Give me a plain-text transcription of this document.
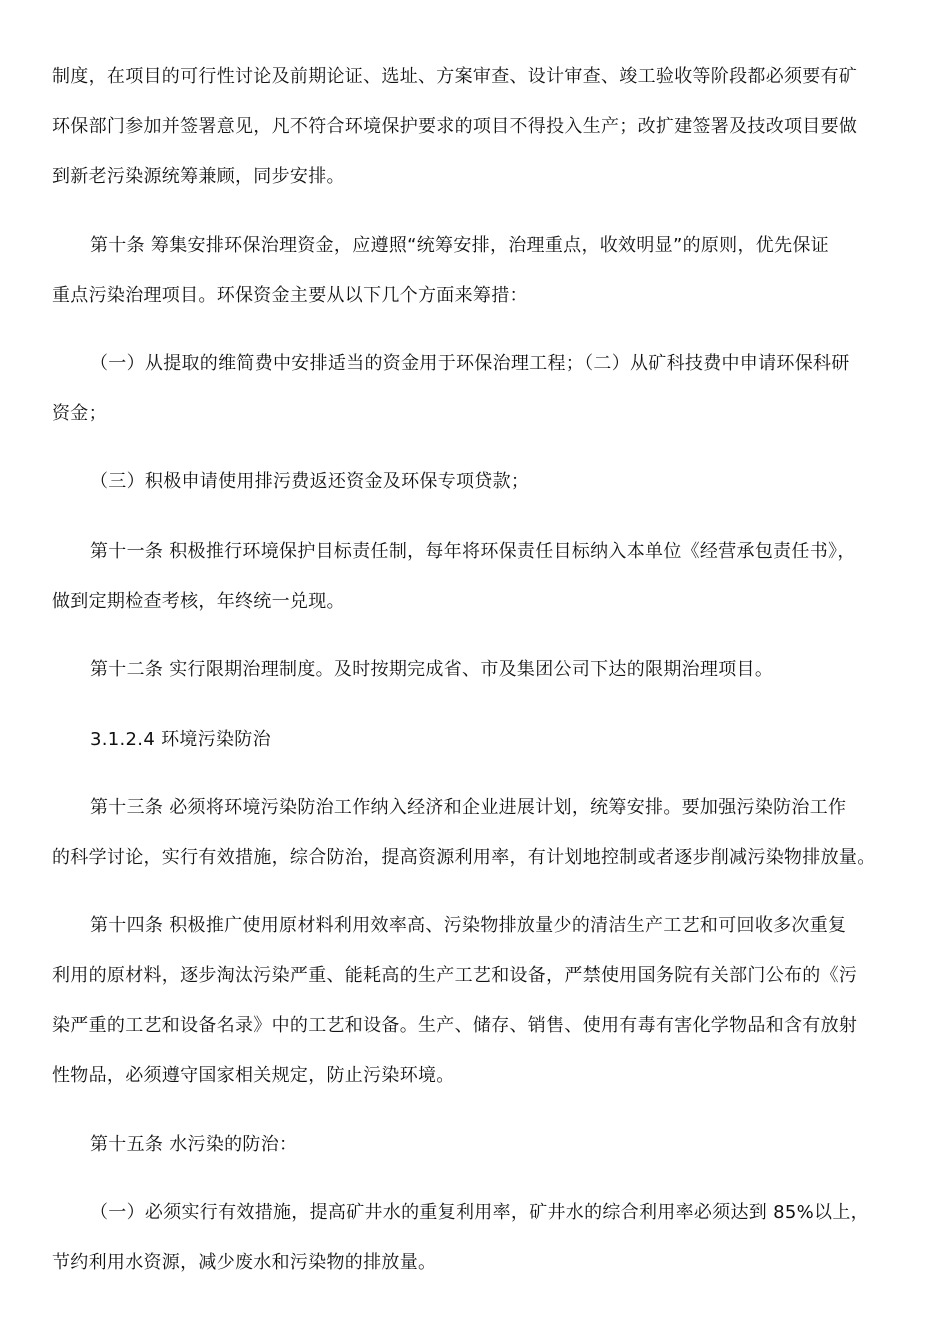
制度，在项目的可行性讨论及前期论证、选址、方案审查、设计审查、竣工验收等阶段都必须要有矿
环保部门参加并签署意见，凡不符合环境保护要求的项目不得投入生产；改扩建签署及技改项目要做
到新老污染源统筹兼顾，同步安排。
第十条 筹集安排环保治理资金，应遵照“统筹安排，治理重点，收效明显”的原则，优先保证
重点污染治理项目。环保资金主要从以下几个方面来筹措：
（一）从提取的维简费中安排适当的资金用于环保治理工程；（二）从矿科技费中申请环保科研
资金；
（三）积极申请使用排污费返还资金及环保专项贷款；
第十一条 积极推行环境保护目标责任制，每年将环保责任目标纳入本单位《经营承包责任书》，
做到定期检查考核，年终统一兑现。
第十二条 实行限期治理制度。及时按期完成省、市及集团公司下达的限期治理项目。
3.1.2.4 环境污染防治
第十三条 必须将环境污染防治工作纳入经济和企业进展计划，统筹安排。要加强污染防治工作
的科学讨论，实行有效措施，综合防治，提高资源利用率，有计划地控制或者逐步削减污染物排放量。
第十四条 积极推广使用原材料利用效率高、污染物排放量少的清洁生产工艺和可回收多次重复
利用的原材料，逐步淘汰污染严重、能耗高的生产工艺和设备，严禁使用国务院有关部门公布的《污
染严重的工艺和设备名录》中的工艺和设备。生产、储存、销售、使用有毒有害化学物品和含有放射
性物品，必须遵守国家相关规定，防止污染环境。
第十五条 水污染的防治：
（一）必须实行有效措施，提高矿井水的重复利用率，矿井水的综合利用率必须达到 85%以上，
节约利用水资源，减少废水和污染物的排放量。
